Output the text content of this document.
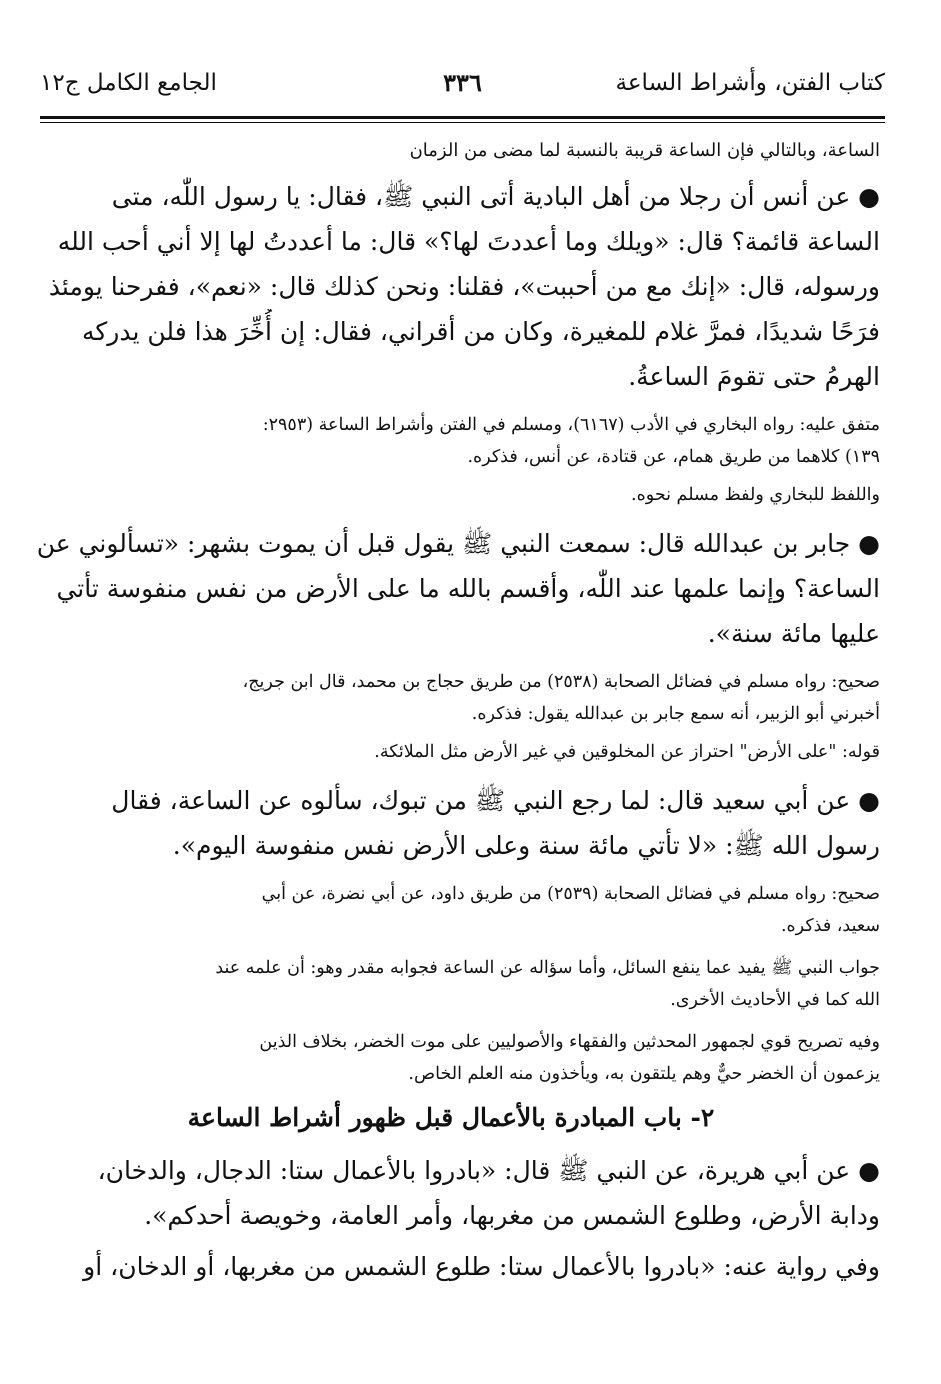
كتاب الفتن، وأشراط الساعة
٣٣٦
الجامع الكامل ج١٢
الساعة، وبالتالي فإن الساعة قريبة بالنسبة لما مضى من الزمان
● عن أنس أن رجلا من أهل البادية أتى النبي ﷺ، فقال: يا رسول اللّٰه، متى
الساعة قائمة؟ قال: «ويلك وما أعددتَ لها؟» قال: ما أعددتُ لها إلا أني أحب الله
ورسوله، قال: «إنك مع من أحببت»، فقلنا: ونحن كذلك قال: «نعم»، ففرحنا يومئذ
فرَحًا شديدًا، فمرَّ غلام للمغيرة، وكان من أقراني، فقال: إن أُخِّرَ هذا فلن يدركه
الهرمُ حتى تقومَ الساعةُ.
متفق عليه: رواه البخاري في الأدب (٦١٦٧)، ومسلم في الفتن وأشراط الساعة (٢٩٥٣:
١٣٩) كلاهما من طريق همام، عن قتادة، عن أنس، فذكره.
واللفظ للبخاري ولفظ مسلم نحوه.
● جابر بن عبدالله قال: سمعت النبي ﷺ يقول قبل أن يموت بشهر: «تسألوني عن
الساعة؟ وإنما علمها عند اللّٰه، وأقسم بالله ما على الأرض من نفس منفوسة تأتي
عليها مائة سنة».
صحيح: رواه مسلم في فضائل الصحابة (٢٥٣٨) من طريق حجاج بن محمد، قال ابن جريج،
أخبرني أبو الزبير، أنه سمع جابر بن عبدالله يقول: فذكره.
قوله: "على الأرض" احتراز عن المخلوقين في غير الأرض مثل الملائكة.
● عن أبي سعيد قال: لما رجع النبي ﷺ من تبوك، سألوه عن الساعة، فقال
رسول الله ﷺ: «لا تأتي مائة سنة وعلى الأرض نفس منفوسة اليوم».
صحيح: رواه مسلم في فضائل الصحابة (٢٥٣٩) من طريق داود، عن أبي نضرة، عن أبي
سعيد، فذكره.
جواب النبي ﷺ يفيد عما ينفع السائل، وأما سؤاله عن الساعة فجوابه مقدر وهو: أن علمه عند
الله كما في الأحاديث الأخرى.
وفيه تصريح قوي لجمهور المحدثين والفقهاء والأصوليين على موت الخضر، بخلاف الذين
يزعمون أن الخضر حيٌّ وهم يلتقون به، ويأخذون منه العلم الخاص.
٢- باب المبادرة بالأعمال قبل ظهور أشراط الساعة
● عن أبي هريرة، عن النبي ﷺ قال: «بادروا بالأعمال ستا: الدجال، والدخان،
ودابة الأرض، وطلوع الشمس من مغربها، وأمر العامة، وخويصة أحدكم».
وفي رواية عنه: «بادروا بالأعمال ستا: طلوع الشمس من مغربها، أو الدخان، أو
